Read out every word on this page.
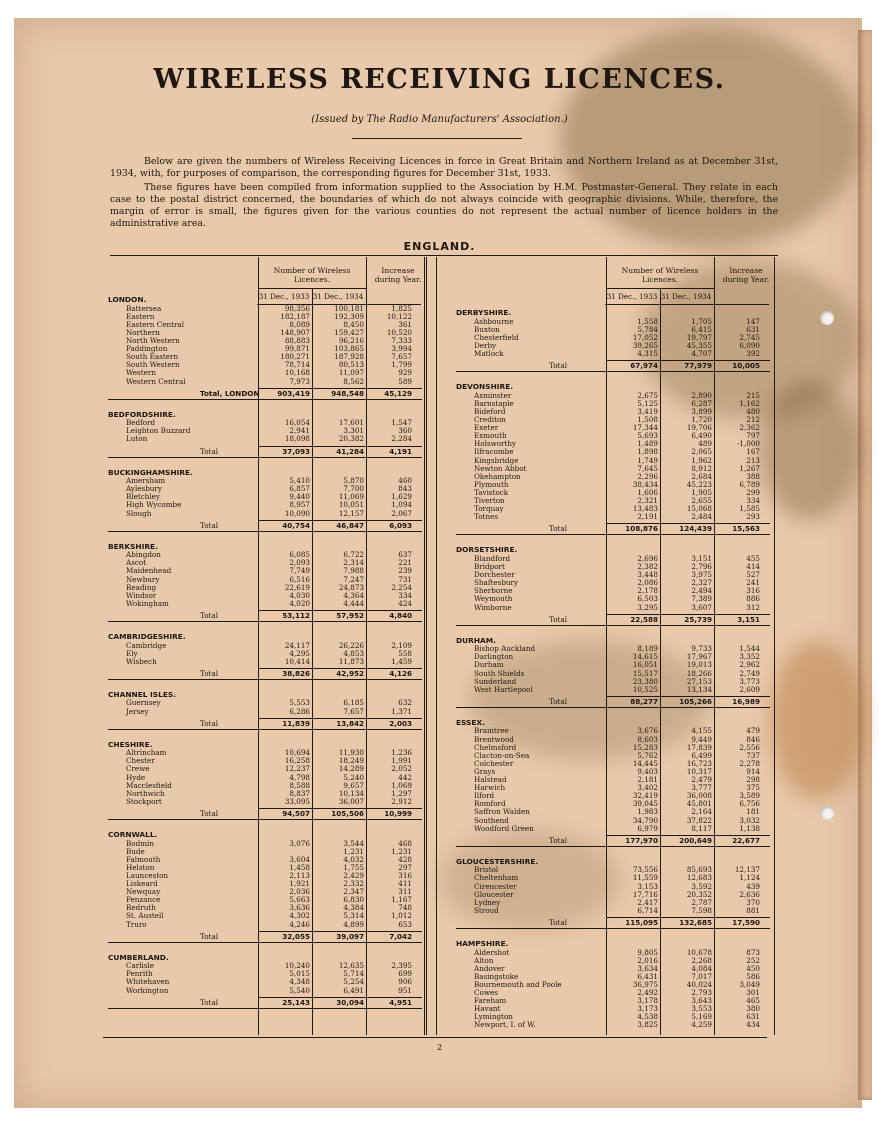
WIRELESS RECEIVING LICENCES.
(Issued by The Radio Manufacturers' Association.)

Below are given the numbers of Wireless Receiving Licences in force in Great Britain and Northern Ireland as at December 31st, 1934, with, for purposes of comparison, the corresponding figures for December 31st, 1933.

These figures have been compiled from information supplied to the Association by H.M. Postmaster-General. They relate in each case to the postal district concerned, the boundaries of which do not always coincide with geographic divisions. While, therefore, the margin of error is small, the figures given for the various counties do not represent the actual number of licence holders in the administrative area.

ENGLAND.
Number of Wireless Licences.
31 Dec., 1933 31 Dec., 1934
Increase during Year.
Number of Wireless Licences.
31 Dec., 1933 31 Dec., 1934
Increase during Year.
LONDON.
Battersea	98,356	100,181	1,825
Eastern	182,187	192,309	10,122
Eastern Central	8,089	8,450	361
Northern	148,907	159,427	10,520
North Western	88,883	96,216	7,333
Paddington	99,871	103,865	3,994
South Eastern	180,271	187,928	7,657
South Western	78,714	80,513	1,799
Western	10,168	11,097	929
Western Central	7,973	8,562	589
Total, LONDON	903,419	948,548	45,129
BEDFORDSHIRE.
Bedford	16,054	17,601	1,547
Leighton Buzzard	2,941	3,301	360
Luton	18,098	20,382	2,284
Total	37,093	41,284	4,191
BUCKINGHAMSHIRE.
Amersham	5,410	5,870	460
Aylesbury	6,857	7,700	843
Bletchley	9,440	11,069	1,629
High Wycombe	8,957	10,051	1,094
Slough	10,090	12,157	2,067
Total	40,754	46,847	6,093
BERKSHIRE.
Abingdon	6,085	6,722	637
Ascot	2,093	2,314	221
Maidenhead	7,749	7,988	239
Newbury	6,516	7,247	731
Reading	22,619	24,873	2,254
Windsor	4,030	4,364	334
Wokingham	4,020	4,444	424
Total	53,112	57,952	4,840
CAMBRIDGESHIRE.
Cambridge	24,117	26,226	2,109
Ely	4,295	4,853	558
Wisbech	10,414	11,873	1,459
Total	38,826	42,952	4,126
CHANNEL ISLES.
Guernsey	5,553	6,185	632
Jersey	6,286	7,657	1,371
Total	11,839	13,842	2,003
CHESHIRE.
Altrincham	10,694	11,930	1,236
Chester	16,258	18,249	1,991
Crewe	12,237	14,289	2,052
Hyde	4,798	5,240	442
Macclesfield	8,588	9,657	1,069
Northwich	8,837	10,134	1,297
Stockport	33,095	36,007	2,912
Total	94,507	105,506	10,999
CORNWALL.
Bodmin	3,076	3,544	468
Bude	1,231	1,231
Falmouth	3,604	4,032	428
Helston	1,458	1,755	297
Launceston	2,113	2,429	316
Liskeard	1,921	2,332	411
Newquay	2,036	2,347	311
Penzance	5,663	6,830	1,167
Redruth	3,636	4,384	748
St. Austell	4,302	5,314	1,012
Truro	4,246	4,899	653
Total	32,055	39,097	7,042
CUMBERLAND.
Carlisle	10,240	12,635	2,395
Penrith	5,015	5,714	699
Whitehaven	4,348	5,254	906
Workington	5,540	6,491	951
Total	25,143	30,094	4,951
DERBYSHIRE.
Ashbourne	1,558	1,705	147
Buxton	5,784	6,415	631
Chesterfield	17,052	19,797	2,745
Derby	39,265	45,355	6,090
Matlock	4,315	4,707	392
Total	67,974	77,979	10,005
DEVONSHIRE.
Axminster	2,675	2,890	215
Barnstaple	5,125	6,287	1,162
Bideford	3,419	3,899	480
Crediton	1,508	1,720	212
Exeter	17,344	19,706	2,362
Exmouth	5,693	6,490	797
Holsworthy	1,489	489	-1,000
Ilfracombe	1,898	2,065	167
Kingsbridge	1,749	1,962	213
Newton Abbot	7,645	8,912	1,267
Okehampton	2,296	2,684	388
Plymouth	38,434	45,223	6,789
Tavistock	1,606	1,905	299
Tiverton	2,321	2,655	334
Torquay	13,483	15,068	1,585
Totnes	2,191	2,484	293
Total	108,876	124,439	15,563
DORSETSHIRE.
Blandford	2,696	3,151	455
Bridport	2,382	2,796	414
Dorchester	3,448	3,975	527
Shaftesbury	2,086	2,327	241
Sherborne	2,178	2,494	316
Weymouth	6,503	7,389	886
Wimborne	3,295	3,607	312
Total	22,588	25,739	3,151
DURHAM.
Bishop Auckland	8,189	9,733	1,544
Darlington	14,615	17,967	3,352
Durham	16,051	19,013	2,962
South Shields	15,517	18,266	2,749
Sunderland	23,380	27,153	3,773
West Hartlepool	10,525	13,134	2,609
Total	88,277	105,266	16,989
ESSEX.
Braintree	3,676	4,155	479
Brentwood	8,603	9,449	846
Chelmsford	15,283	17,839	2,556
Clacton-on-Sea	5,762	6,499	737
Colchester	14,445	16,723	2,278
Grays	9,403	10,317	914
Halstead	2,181	2,479	298
Harwich	3,402	3,777	375
Ilford	32,419	36,008	3,589
Romford	39,045	45,801	6,756
Saffron Walden	1,983	2,164	181
Southend	34,790	37,822	3,032
Woodford Green	6,979	8,117	1,138
Total	177,970	200,649	22,677
GLOUCESTERSHIRE.
Bristol	73,556	85,693	12,137
Cheltenham	11,559	12,683	1,124
Cirencester	3,153	3,592	439
Gloucester	17,716	20,352	2,636
Lydney	2,417	2,787	370
Stroud	6,714	7,598	881
Total	115,095	132,685	17,590
HAMPSHIRE.
Aldershot	9,805	10,678	873
Alton	2,016	2,268	252
Andover	3,634	4,084	450
Basingstoke	6,431	7,017	586
Bournemouth and Poole	36,975	40,024	3,049
Cowes	2,492	2,793	301
Fareham	3,178	3,643	465
Havant	3,173	3,553	380
Lymington	4,538	5,169	631
Newport, I. of W.	3,825	4,259	434
2
